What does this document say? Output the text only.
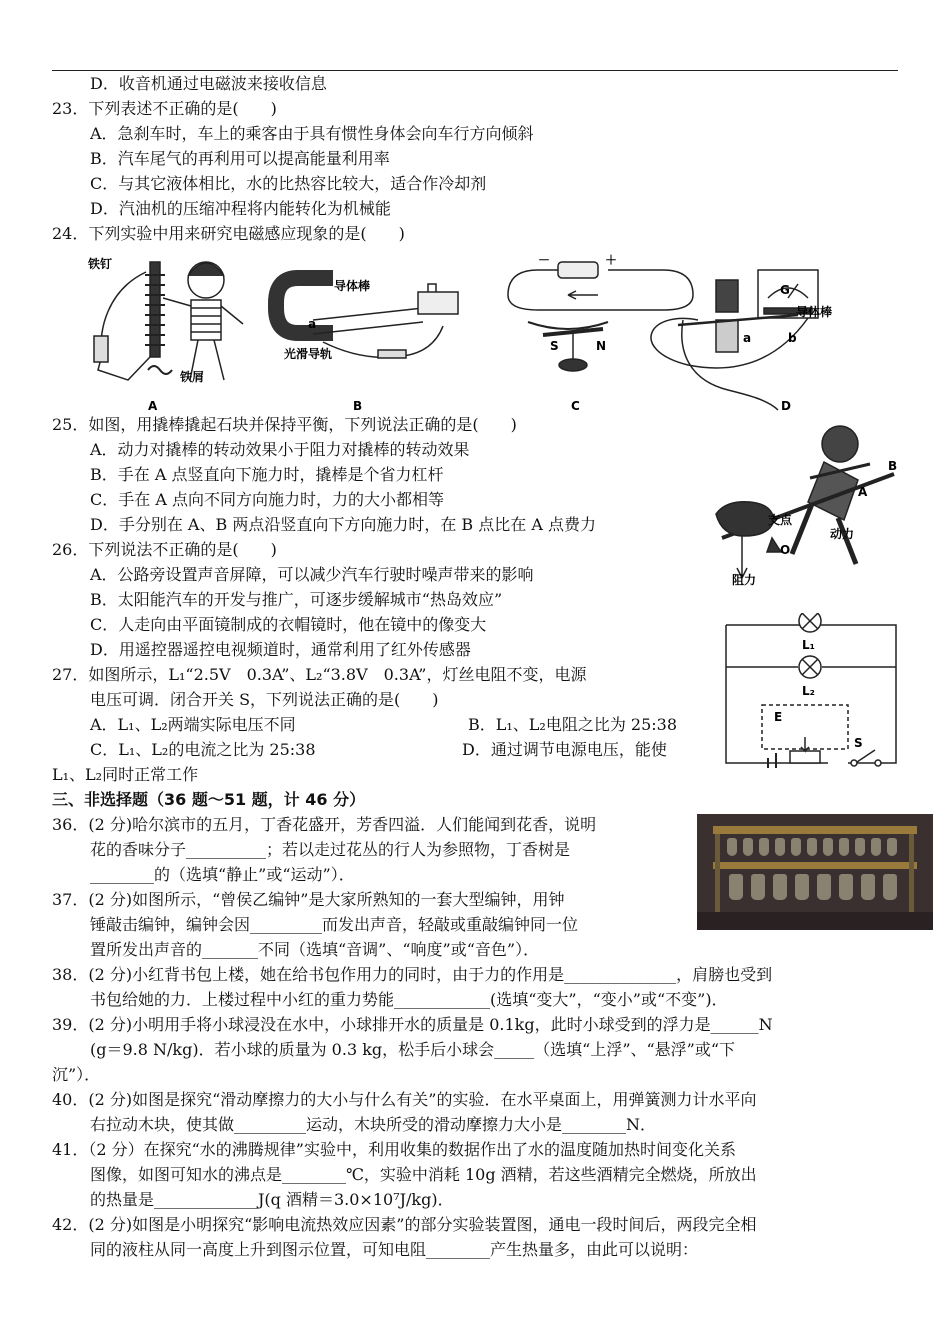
D．收音机通过电磁波来接收信息
23．下列表述不正确的是(　　)
A．急刹车时，车上的乘客由于具有惯性身体会向车行方向倾斜
B．汽车尾气的再利用可以提高能量利用率
C．与其它液体相比，水的比热容比较大，适合作冷却剂
D．汽油机的压缩冲程将内能转化为机械能
24．下列实验中用来研究电磁感应现象的是(　　)
铁钉
铁屑
A
导体棒
光滑导轨
a
B
－	＋
S	N
C
导体棒
G
a	b
D
25．如图，用撬棒撬起石块并保持平衡，下列说法正确的是(　　)
A．动力对撬棒的转动效果小于阻力对撬棒的转动效果
B．手在 A 点竖直向下施力时，撬棒是个省力杠杆
C．手在 A 点向不同方向施力时，力的大小都相等
D．手分别在 A、B 两点沿竖直向下方向施力时，在 B 点比在 A 点费力	支点
O
动力
阻力
A
B
26．下列说法不正确的是(　　)
A．公路旁设置声音屏障，可以减少汽车行驶时噪声带来的影响
B．太阳能汽车的开发与推广，可逐步缓解城市“热岛效应”
C．人走向由平面镜制成的衣帽镜时，他在镜中的像变大
D．用遥控器遥控电视频道时，通常利用了红外传感器	L₁
L₂
E
S
27．如图所示，L₁“2.5V　0.3A”、L₂“3.8V　0.3A”，灯丝电阻不变，电源
电压可调．闭合开关 S，下列说法正确的是(　　)
A．L₁、L₂两端实际电压不同	B．L₁、L₂电阻之比为 25:38
C．L₁、L₂的电流之比为 25:38	D．通过调节电源电压，能使
L₁、L₂同时正常工作
三、非选择题（36 题～51 题，计 46 分）
36．(2 分)哈尔滨市的五月，丁香花盛开，芳香四溢．人们能闻到花香，说明
花的香味分子__________；若以走过花丛的行人为参照物，丁香树是
________的（选填“静止”或“运动”）．
37．(2 分)如图所示，“曾侯乙编钟”是大家所熟知的一套大型编钟，用钟
锤敲击编钟，编钟会因_________而发出声音，轻敲或重敲编钟同一位
置所发出声音的_______不同（选填“音调”、“响度”或“音色”）．
38．(2 分)小红背书包上楼，她在给书包作用力的同时，由于力的作用是______________，肩膀也受到
书包给她的力．上楼过程中小红的重力势能____________(选填“变大”，“变小”或“不变”)．
39．(2 分)小明用手将小球浸没在水中，小球排开水的质量是 0.1kg，此时小球受到的浮力是______N
(g＝9.8 N/kg)．若小球的质量为 0.3 kg，松手后小球会_____（选填“上浮”、“悬浮”或“下
沉”）．
40．(2 分)如图是探究“滑动摩擦力的大小与什么有关”的实验．在水平桌面上，用弹簧测力计水平向
右拉动木块，使其做_________运动，木块所受的滑动摩擦力大小是________N．
41．（2 分）在探究“水的沸腾规律”实验中，利用收集的数据作出了水的温度随加热时间变化关系
图像，如图可知水的沸点是________℃，实验中消耗 10g 酒精，若这些酒精完全燃烧，所放出
的热量是_____________J(q 酒精＝3.0×10⁷J/kg)．
42．(2 分)如图是小明探究“影响电流热效应因素”的部分实验装置图，通电一段时间后，两段完全相
同的液柱从同一高度上升到图示位置，可知电阻________产生热量多，由此可以说明：
